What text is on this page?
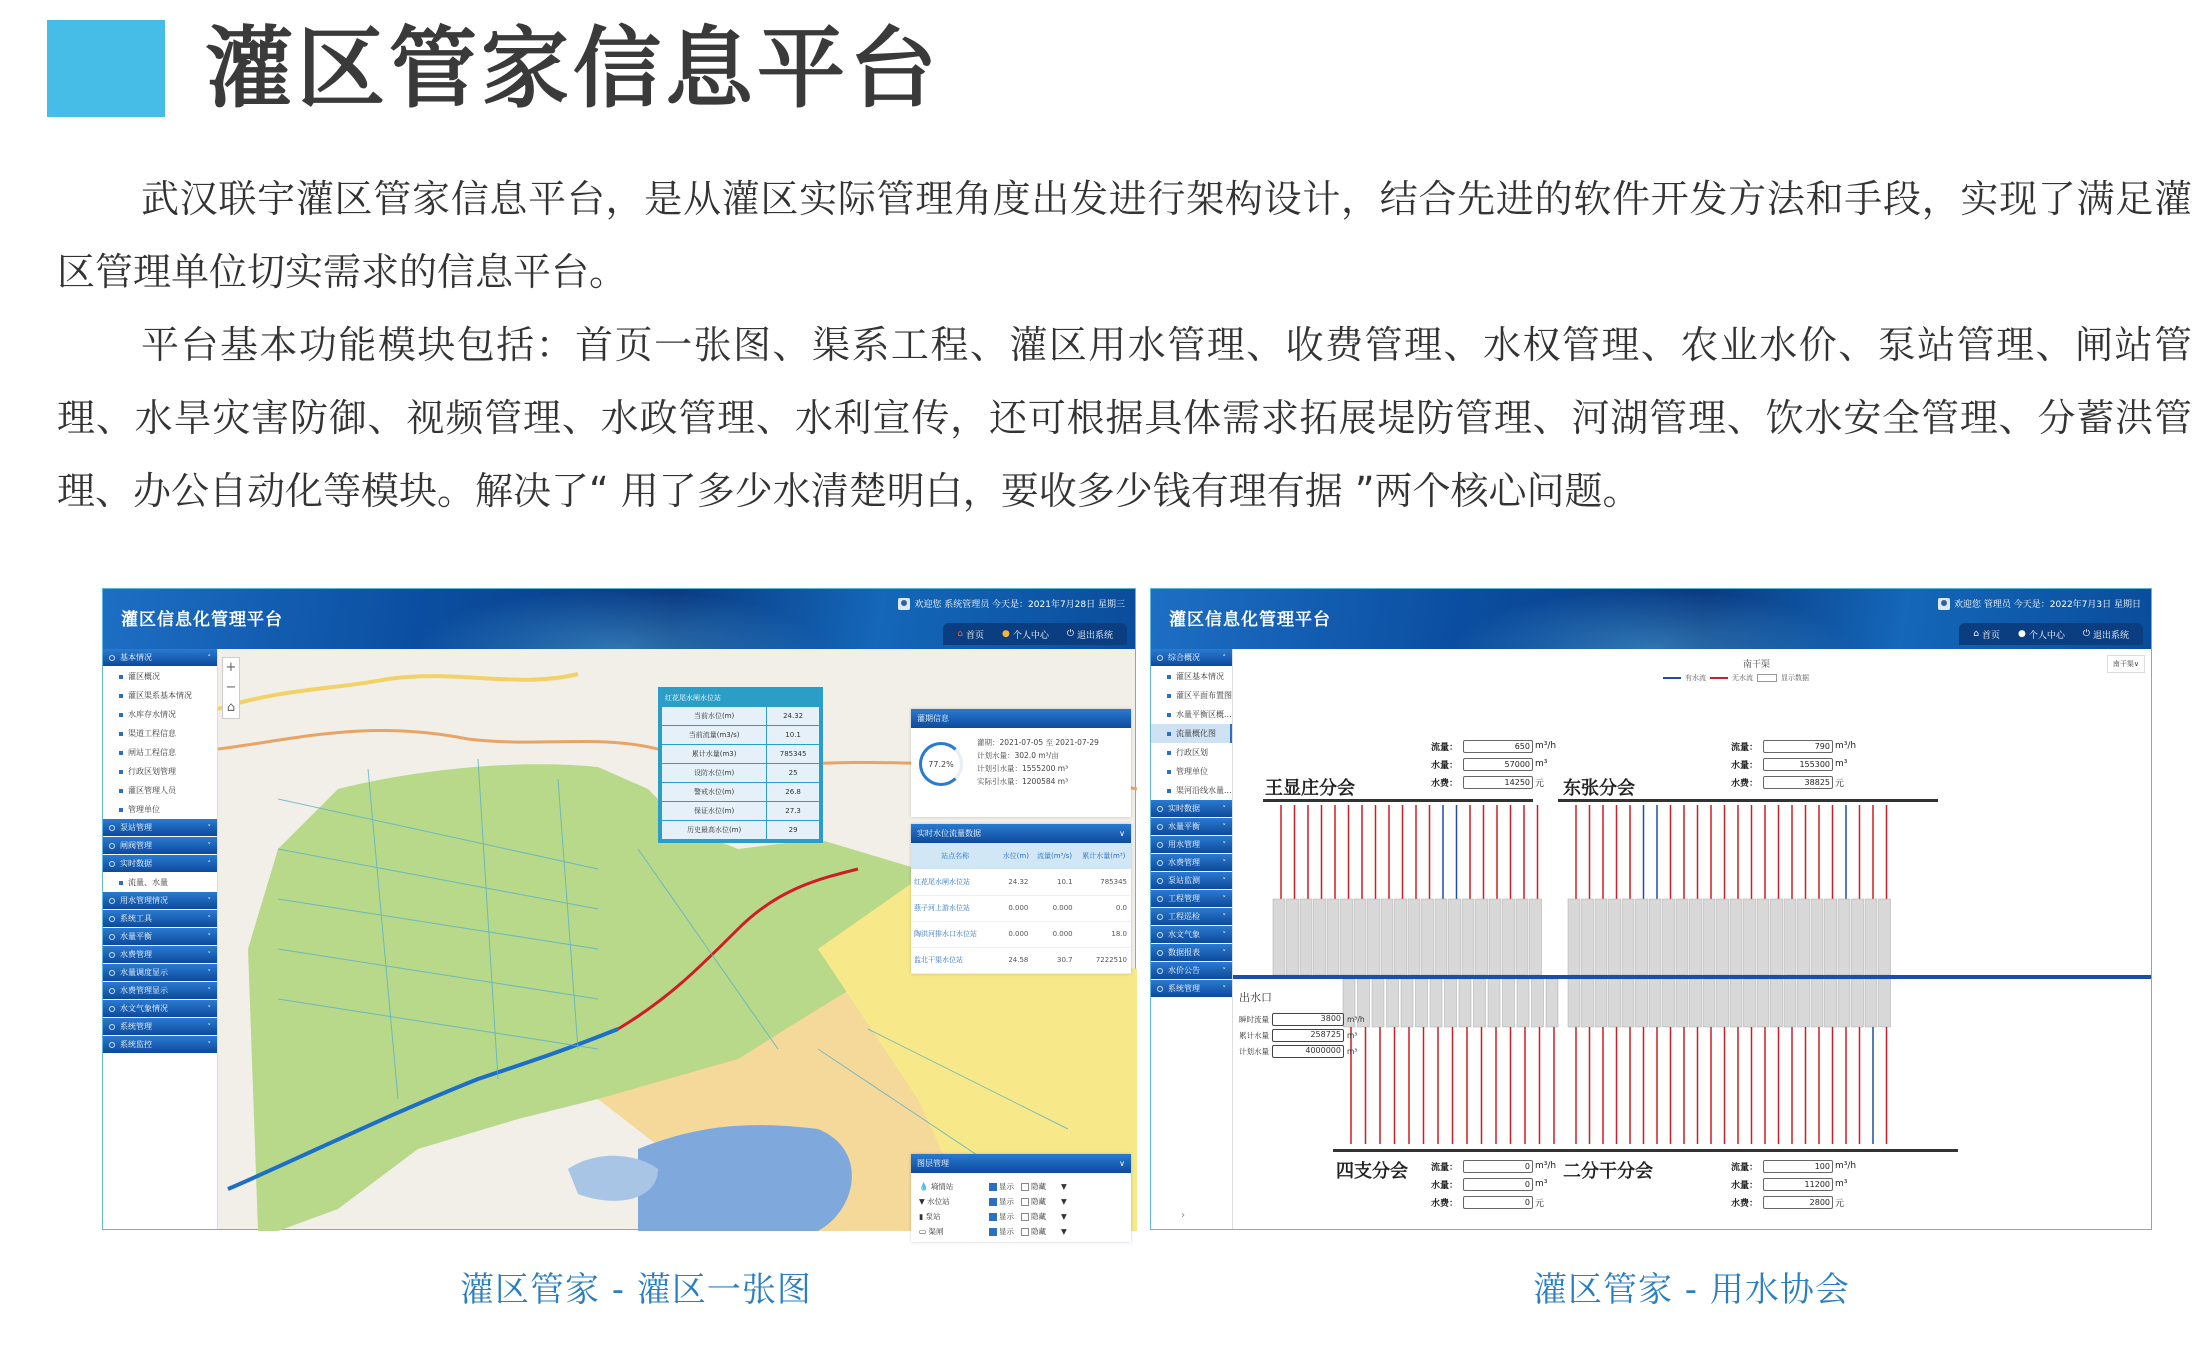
灌区管家信息平台
武汉联宇灌区管家信息平台，是从灌区实际管理角度出发进行架构设计，结合先进的软件开发方法和手段，实现了满足灌区管理单位切实需求的信息平台。
平台基本功能模块包括：首页一张图、渠系工程、灌区用水管理、收费管理、水权管理、农业水价、泵站管理、闸站管理、水旱灾害防御、视频管理、水政管理、水利宣传，还可根据具体需求拓展堤防管理、河湖管理、饮水安全管理、分蓄洪管理、办公自动化等模块。解决了“ 用了多少水清楚明白，要收多少钱有理有据 ”两个核心问题。
灌区信息化管理平台
欢迎您 系统管理员 今天是：2021年7月28日 星期三
⌂ 首页 ● 个人中心 ⏻ 退出系统
基本情况	˄
灌区概况
灌区渠系基本情况
水库存水情况
渠道工程信息
闸站工程信息
行政区划管理
灌区管理人员
管理单位
泵站管理	˅
闸阀管理	˅
实时数据	˄
流量、水量
用水管理情况	˅
系统工具	˅
水量平衡	˅
水费管理	˅
水量调度显示	˅
水费管理显示	˅
水文气象情况	˅
系统管理	˅
系统监控	˅
+
−
⌂
红花尾水闸水位站
当前水位(m)	24.32
当前流量(m3/s)	10.1
累计水量(m3)	785345
设防水位(m)	25
警戒水位(m)	26.8
保证水位(m)	27.3
历史最高水位(m)	29
灌期信息
77.2%
灌期：2021-07-05 至 2021-07-29
计划水量：302.0 m³/亩
计划引水量：1555200 m³
实际引水量：1200584 m³
实时水位流量数据	∨
站点名称	水位(m)	流量(m³/s)	累计水量(m³)
红花尾水闸水位站	24.32	10.1	785345
燕子河上游水位站	0.000	0.000	0.0
陶洪河排水口水位站	0.000	0.000	18.0
监北干渠水位站	24.58	30.7	7222510
图层管理	∨
💧 墒情站	显示	隐藏	▼
▼ 水位站	显示	隐藏	▼
▮ 泵站	显示	隐藏	▼
▭ 渠闸	显示	隐藏	▼
灌区信息化管理平台
欢迎您 管理员 今天是：2022年7月3日 星期日
⌂ 首页 ● 个人中心 ⏻ 退出系统
综合概况	˄
灌区基本情况
灌区平面布置图
水量平衡区概...
流量概化图
行政区划
管理单位
渠河沿线水量...
实时数据	˅
水量平衡	˅
用水管理	˅
水费管理	˅
泵站监测	˅
工程管理	˅
工程巡检	˅
水文气象	˅
数据报表	˅
水价公告	˅
系统管理	˅
南干渠
有水流	无水流	显示数据
南干渠∨
王显庄分会	东张分会
四支分会	二分干分会
流量：	650 m³/h
水量：	57000 m³
水费：	14250 元
流量：	790 m³/h
水量：	155300 m³
水费：	38825 元
流量：	0 m³/h
水量：	0 m³
水费：	0 元
流量：	100 m³/h
水量：	11200 m³
水费：	2800 元
出水口
瞬时流量	3800 m³/h
累计水量	258725 m³
计划水量	4000000 m³
›
灌区管家 - 灌区一张图	灌区管家 - 用水协会
